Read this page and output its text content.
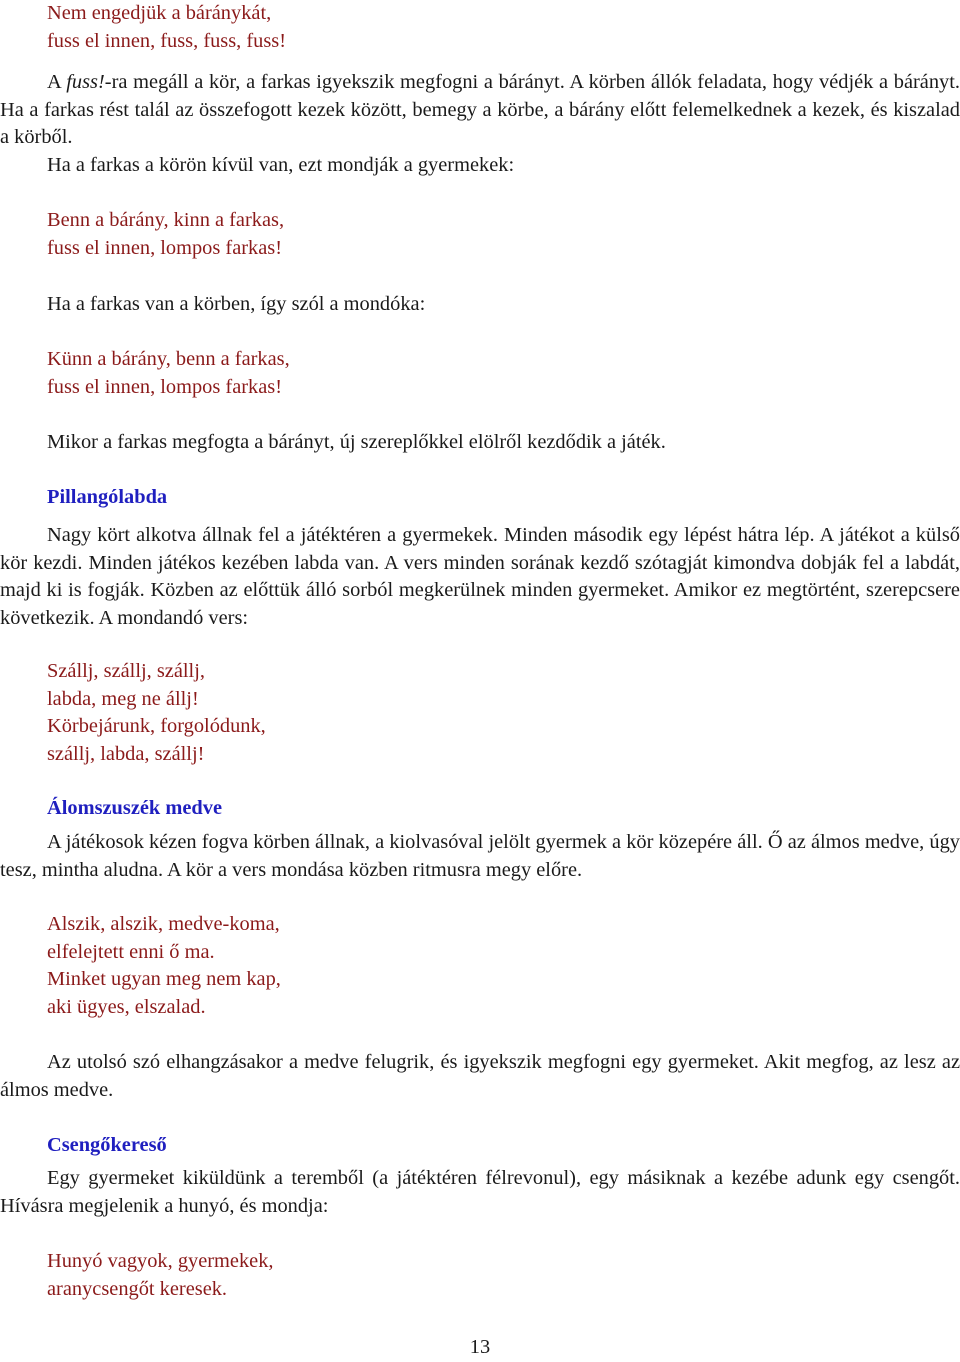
Nem engedjük a báránykát,
fuss el innen, fuss, fuss, fuss!

A fuss!-ra megáll a kör, a farkas igyekszik megfogni a bárányt. A körben állók feladata, hogy védjék a bárányt. Ha a farkas rést talál az összefogott kezek között, bemegy a körbe, a bárány előtt felemelkednek a kezek, és kiszalad a körből.

Ha a farkas a körön kívül van, ezt mondják a gyermekek:

Benn a bárány, kinn a farkas,
fuss el innen, lompos farkas!

Ha a farkas van a körben, így szól a mondóka:

Künn a bárány, benn a farkas,
fuss el innen, lompos farkas!

Mikor a farkas megfogta a bárányt, új szereplőkkel elölről kezdődik a játék.

Pillangólabda

Nagy kört alkotva állnak fel a játéktéren a gyermekek. Minden második egy lépést hátra lép. A játékot a külső kör kezdi. Minden játékos kezében labda van. A vers minden sorának kezdő szótagját kimondva dobják fel a labdát, majd ki is fogják. Közben az előttük álló sorból megkerülnek minden gyermeket. Amikor ez megtörtént, szerepcsere következik. A mondandó vers:

Szállj, szállj, szállj,
labda, meg ne állj!
Körbejárunk, forgolódunk,
szállj, labda, szállj!
Álomszuszék medve

A játékosok kézen fogva körben állnak, a kiolvasóval jelölt gyermek a kör közepére áll. Ő az álmos medve, úgy tesz, mintha aludna. A kör a vers mondása közben ritmusra megy előre.

Alszik, alszik, medve-koma,
elfelejtett enni ő ma.
Minket ugyan meg nem kap,
aki ügyes, elszalad.

Az utolsó szó elhangzásakor a medve felugrik, és igyekszik megfogni egy gyermeket. Akit megfog, az lesz az álmos medve.

Csengőkereső

Egy gyermeket kiküldünk a teremből (a játéktéren félrevonul), egy másiknak a kezébe adunk egy csengőt. Hívásra megjelenik a hunyó, és mondja:

Hunyó vagyok, gyermekek,
aranycsengőt keresek.
13
